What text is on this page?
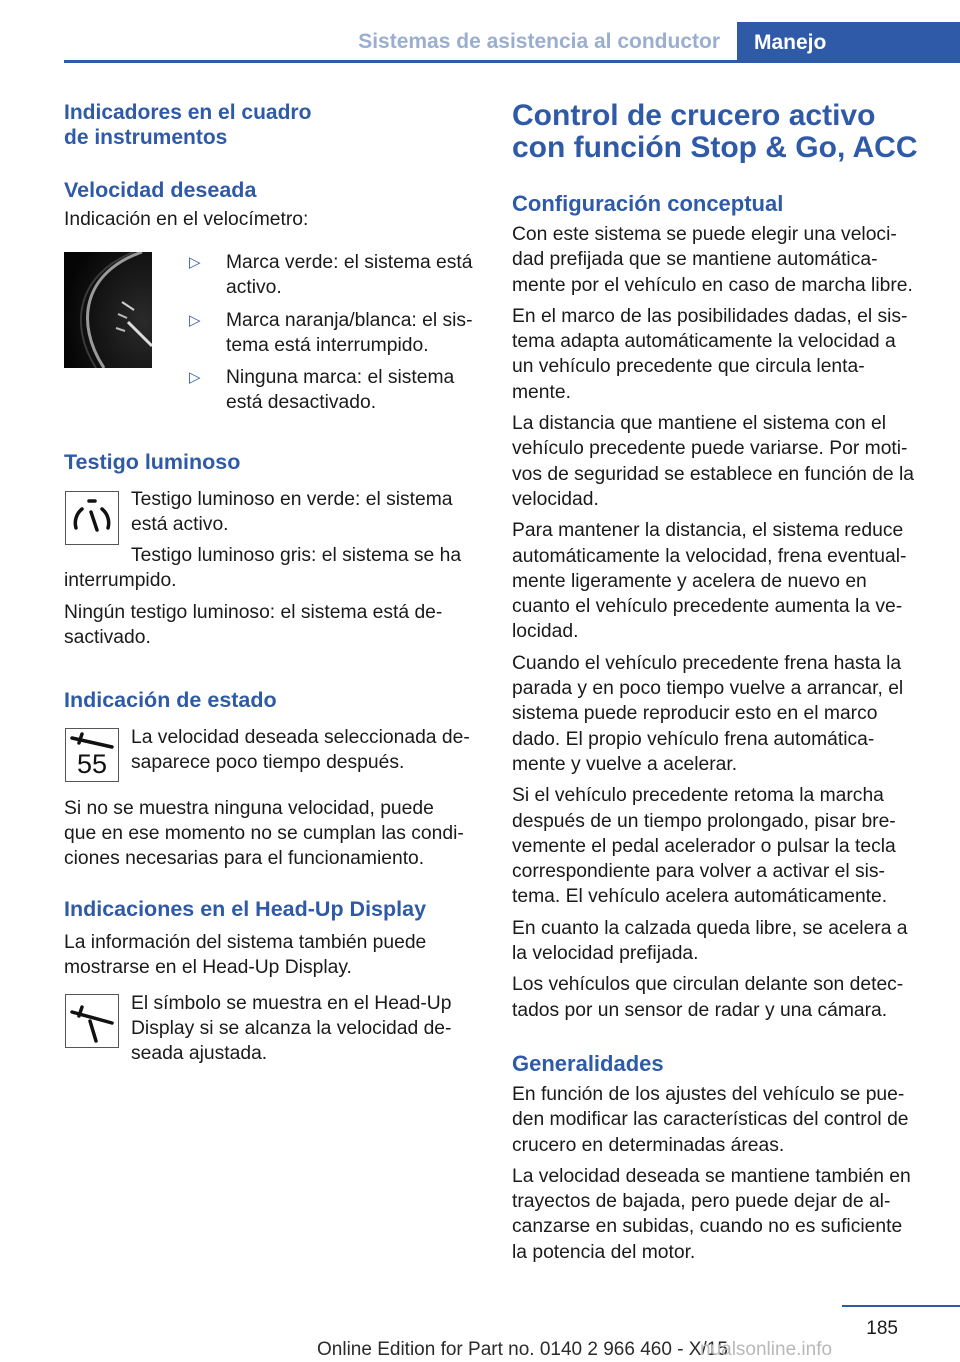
Sistemas de asistencia al conductor	Manejo
Indicadores en el cuadro
de instrumentos
Velocidad deseada
Indicación en el velocímetro:
▷ Marca verde: el sistema está
activo.
▷ Marca naranja/blanca: el sis-
tema está interrumpido.
▷ Ninguna marca: el sistema
está desactivado.
Testigo luminoso
Testigo luminoso en verde: el sistema
está activo.
Testigo luminoso gris: el sistema se ha
interrumpido.
Ningún testigo luminoso: el sistema está de-
sactivado.
Indicación de estado
55
La velocidad deseada seleccionada de-
saparece poco tiempo después.
Si no se muestra ninguna velocidad, puede
que en ese momento no se cumplan las condi-
ciones necesarias para el funcionamiento.
Indicaciones en el Head-Up Display
La información del sistema también puede
mostrarse en el Head-Up Display.
El símbolo se muestra en el Head-Up
Display si se alcanza la velocidad de-
seada ajustada.
Control de crucero activo
con función Stop & Go, ACC
Configuración conceptual
Con este sistema se puede elegir una veloci-
dad prefijada que se mantiene automática-
mente por el vehículo en caso de marcha libre.
En el marco de las posibilidades dadas, el sis-
tema adapta automáticamente la velocidad a
un vehículo precedente que circula lenta-
mente.
La distancia que mantiene el sistema con el
vehículo precedente puede variarse. Por moti-
vos de seguridad se establece en función de la
velocidad.
Para mantener la distancia, el sistema reduce
automáticamente la velocidad, frena eventual-
mente ligeramente y acelera de nuevo en
cuanto el vehículo precedente aumenta la ve-
locidad.
Cuando el vehículo precedente frena hasta la
parada y en poco tiempo vuelve a arrancar, el
sistema puede reproducir esto en el marco
dado. El propio vehículo frena automática-
mente y vuelve a acelerar.
Si el vehículo precedente retoma la marcha
después de un tiempo prolongado, pisar bre-
vemente el pedal acelerador o pulsar la tecla
correspondiente para volver a activar el sis-
tema. El vehículo acelera automáticamente.
En cuanto la calzada queda libre, se acelera a
la velocidad prefijada.
Los vehículos que circulan delante son detec-
tados por un sensor de radar y una cámara.
Generalidades
En función de los ajustes del vehículo se pue-
den modificar las características del control de
crucero en determinadas áreas.
La velocidad deseada se mantiene también en
trayectos de bajada, pero puede dejar de al-
canzarse en subidas, cuando no es suficiente
la potencia del motor.
185
Online Edition for Part no. 0140 2 966 460 - X/15
nualsonline.info
